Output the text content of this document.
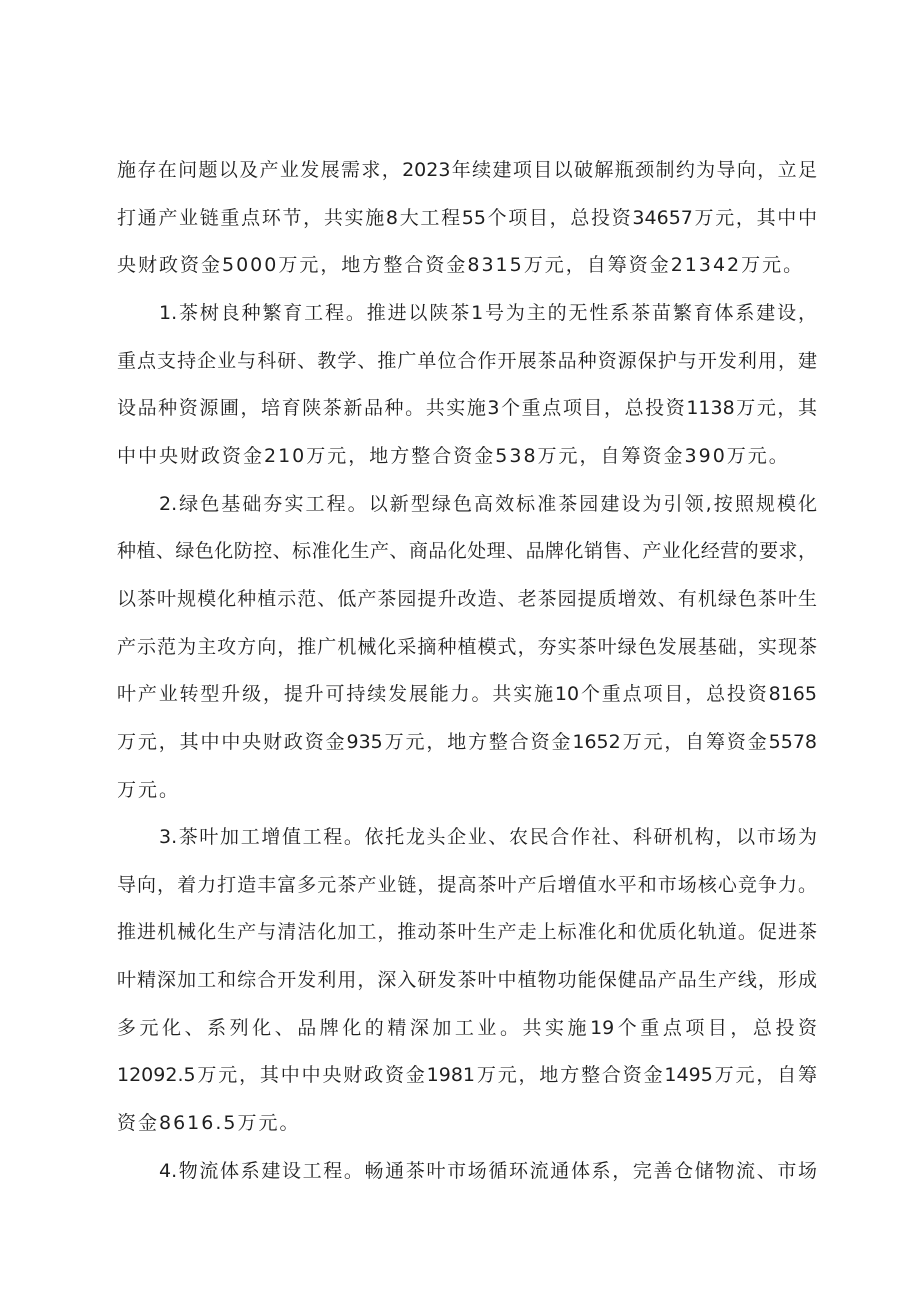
施存在问题以及产业发展需求，2023年续建项目以破解瓶颈制约为导向，立足
打通产业链重点环节，共实施8大工程55个项目，总投资34657万元，其中中
央财政资金5000万元，地方整合资金8315万元，自筹资金21342万元。
1.茶树良种繁育工程。推进以陕茶1号为主的无性系茶苗繁育体系建设，
重点支持企业与科研、教学、推广单位合作开展茶品种资源保护与开发利用，建
设品种资源圃，培育陕茶新品种。共实施3个重点项目，总投资1138万元，其
中中央财政资金210万元，地方整合资金538万元，自筹资金390万元。
2.绿色基础夯实工程。以新型绿色高效标准茶园建设为引领,按照规模化
种植、绿色化防控、标准化生产、商品化处理、品牌化销售、产业化经营的要求，
以茶叶规模化种植示范、低产茶园提升改造、老茶园提质增效、有机绿色茶叶生
产示范为主攻方向，推广机械化采摘种植模式，夯实茶叶绿色发展基础，实现茶
叶产业转型升级，提升可持续发展能力。共实施10个重点项目，总投资8165
万元，其中中央财政资金935万元，地方整合资金1652万元，自筹资金5578
万元。
3.茶叶加工增值工程。依托龙头企业、农民合作社、科研机构，以市场为
导向，着力打造丰富多元茶产业链，提高茶叶产后增值水平和市场核心竞争力。
推进机械化生产与清洁化加工，推动茶叶生产走上标准化和优质化轨道。促进茶
叶精深加工和综合开发利用，深入研发茶叶中植物功能保健品产品生产线，形成
多元化、系列化、品牌化的精深加工业。共实施19个重点项目，总投资
12092.5万元，其中中央财政资金1981万元，地方整合资金1495万元，自筹
资金8616.5万元。
4.物流体系建设工程。畅通茶叶市场循环流通体系，完善仓储物流、市场
